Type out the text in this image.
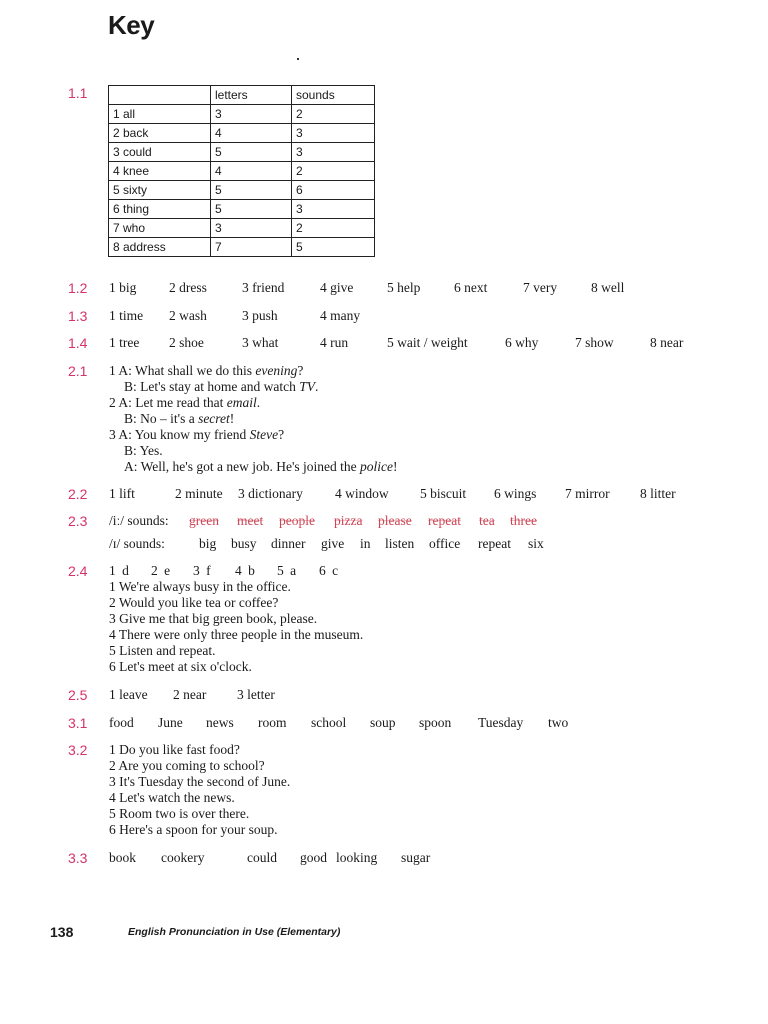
Key
1.1
		letters	sounds
1 all	3	2
2 back	4	3
3 could	5	3
4 knee	4	2
5 sixty	5	6
6 thing	5	3
7 who	3	2
8 address	7	5
1.2 1 big	2 dress	3 friend	4 give	5 help	6 next	7 very	8 well
1.3 1 time	2 wash	3 push	4 many
1.4 1 tree	2 shoe	3 what	4 run	5 wait / weight	6 why	7 show	8 near
2.1 1 A: What shall we do this evening?
B: Let's stay at home and watch TV.
2 A: Let me read that email.
B: No – it's a secret!
3 A: You know my friend Steve?
B: Yes.
A: Well, he's got a new job. He's joined the police!
2.2 1 lift	2 minute	3 dictionary	4 window	5 biscuit	6 wings	7 mirror	8 litter
2.3 /iː/ sounds:	green	meet	people	pizza	please	repeat	tea	three
/ɪ/ sounds:	big	busy	dinner	give	in	listen	office	repeat	six
2.4 1 d	2 e	3 f	4 b	5 a	6 c
1 We're always busy in the office.
2 Would you like tea or coffee?
3 Give me that big green book, please.
4 There were only three people in the museum.
5 Listen and repeat.
6 Let's meet at six o'clock.
2.5 1 leave	2 near	3 letter
3.1 food	June	news	room	school	soup	spoon	Tuesday	two
3.2 1 Do you like fast food?
2 Are you coming to school?
3 It's Tuesday the second of June.
4 Let's watch the news.
5 Room two is over there.
6 Here's a spoon for your soup.
3.3 book	cookery	could	good looking	sugar
138	English Pronunciation in Use (Elementary)
